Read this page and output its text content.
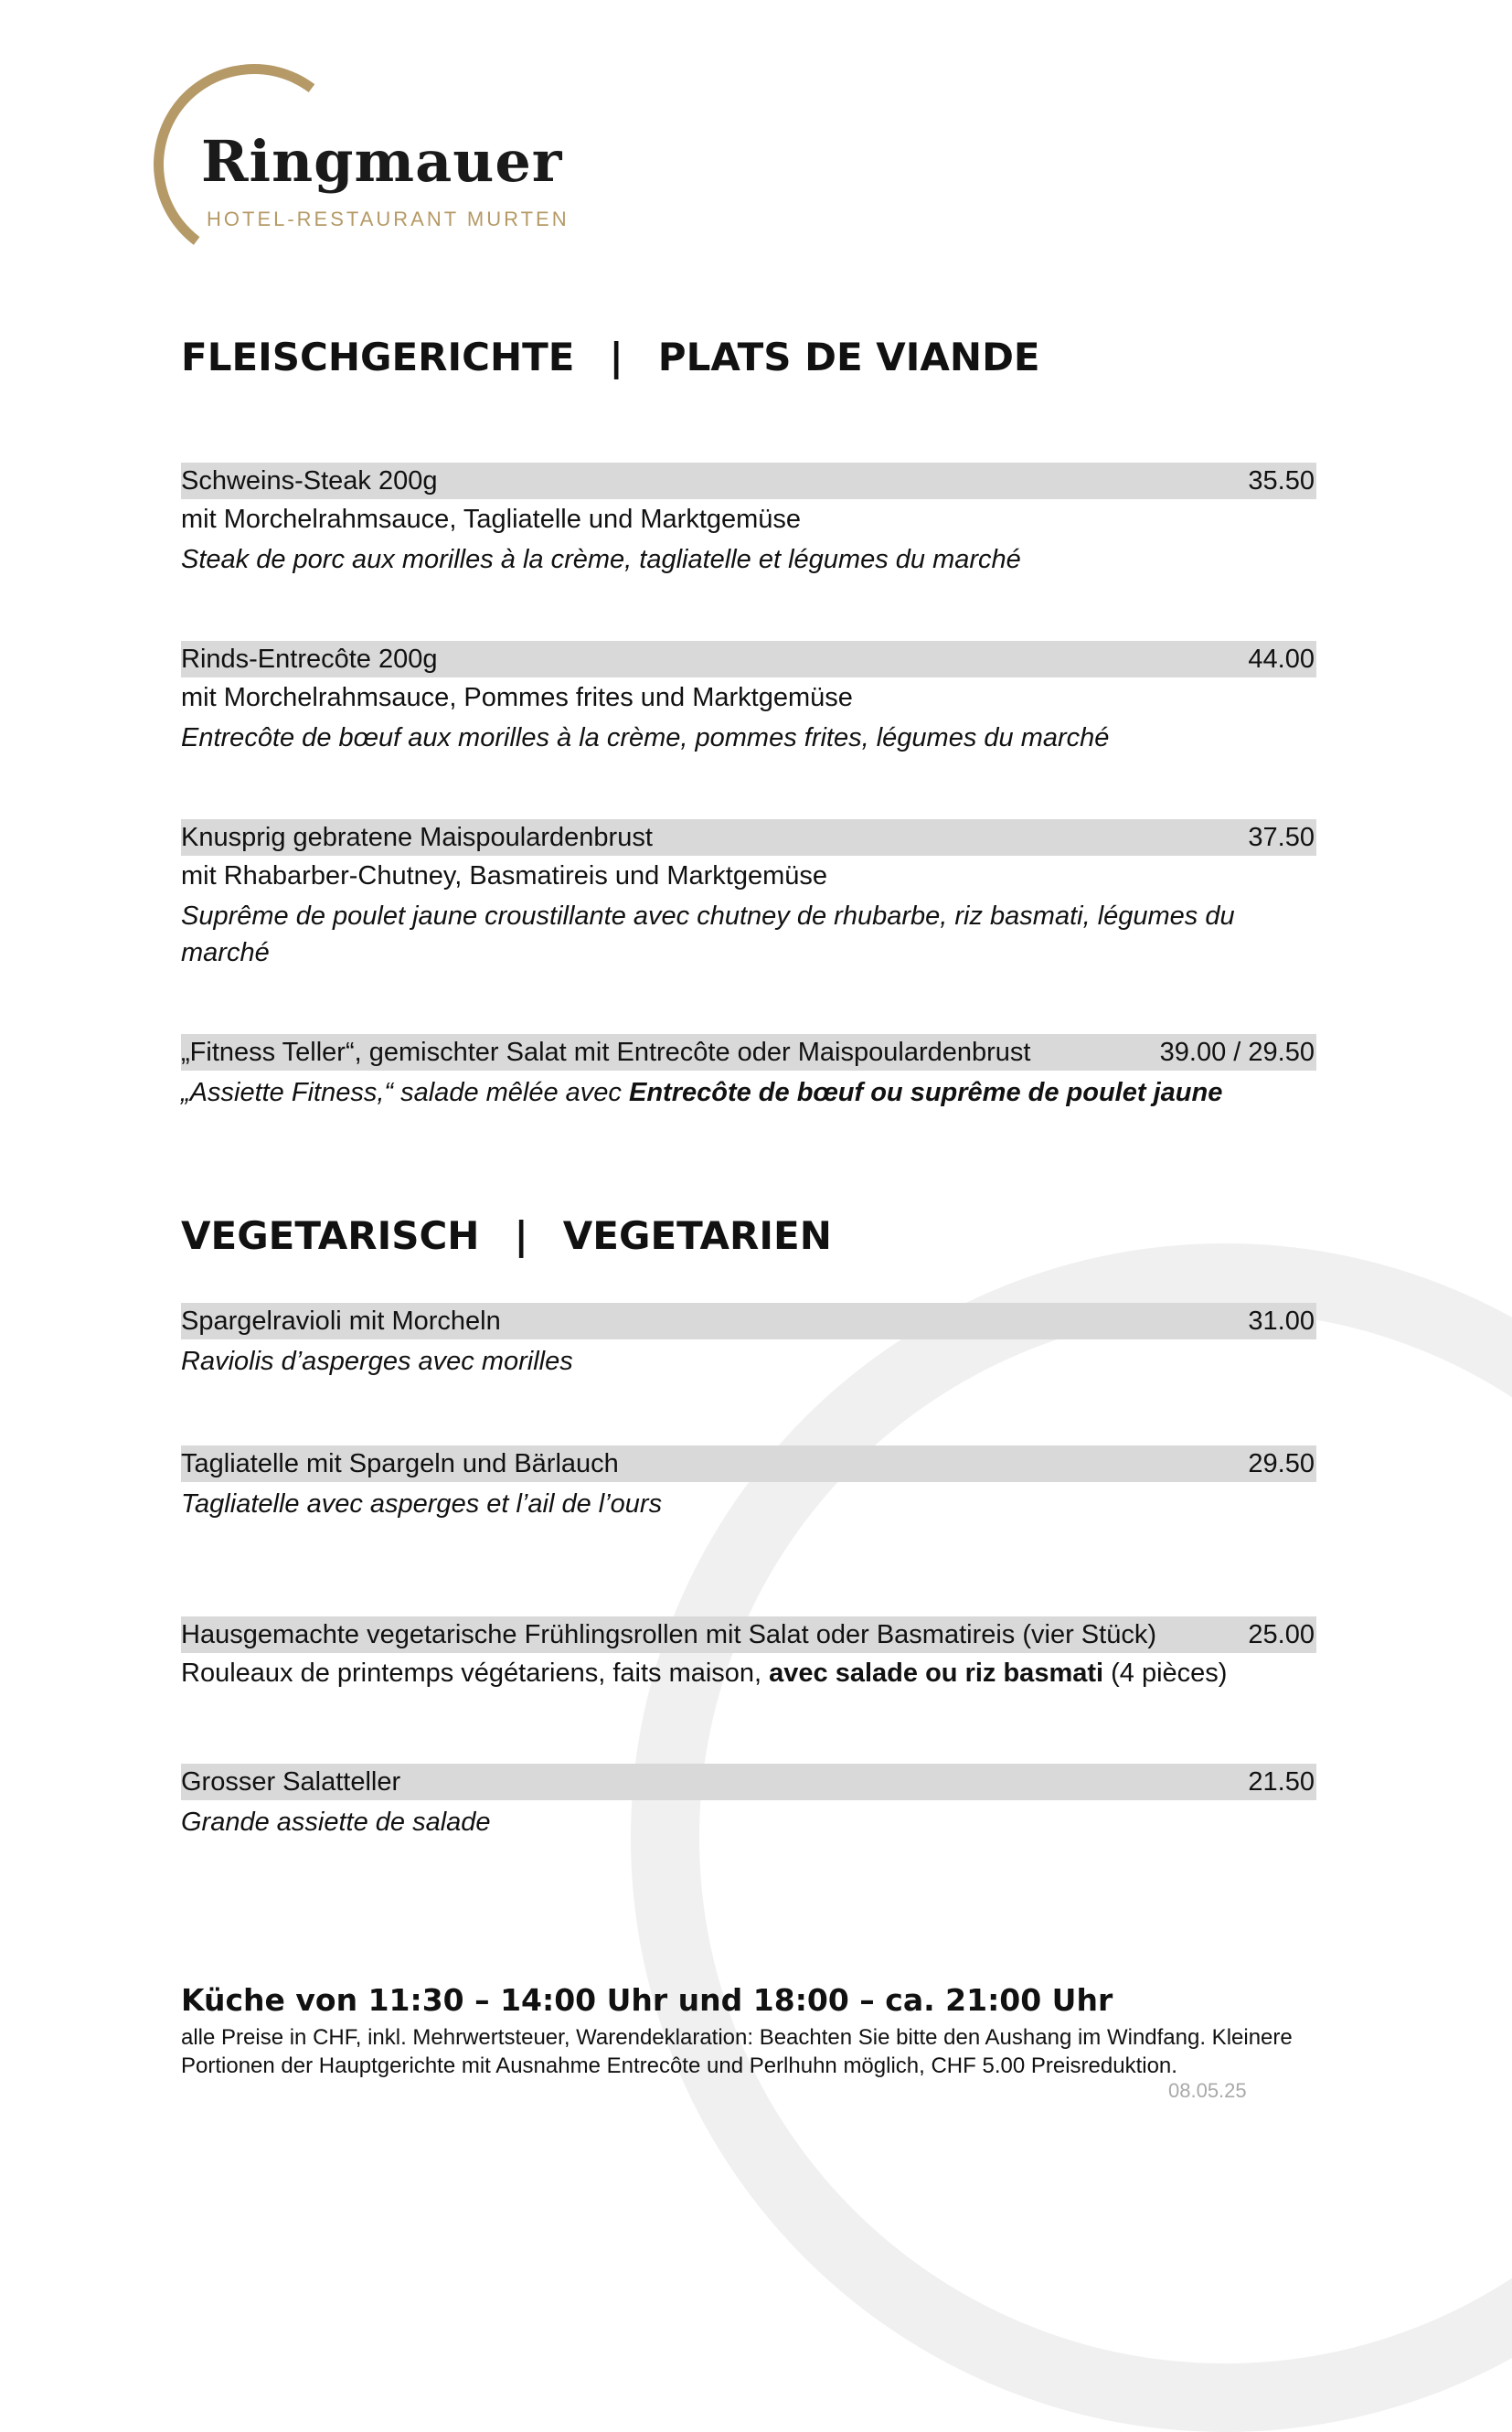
Ringmauer
HOTEL-RESTAURANT MURTEN
FLEISCHGERICHTE | PLATS DE VIANDE
Schweins-Steak 200g	35.50

mit Morchelrahmsauce, Tagliatelle und Marktgemüse

Steak de porc aux morilles à la crème, tagliatelle et légumes du marché

Rinds-Entrecôte 200g	44.00

mit Morchelrahmsauce, Pommes frites und Marktgemüse

Entrecôte de bœuf aux morilles à la crème, pommes frites, légumes du marché

Knusprig gebratene Maispoulardenbrust	37.50

mit Rhabarber-Chutney, Basmatireis und Marktgemüse

Suprême de poulet jaune croustillante avec chutney de rhubarbe, riz basmati, légumes du marché

„Fitness Teller“, gemischter Salat mit Entrecôte oder Maispoulardenbrust	39.00 / 29.50

„Assiette Fitness,“ salade mêlée avec Entrecôte de bœuf ou suprême de poulet jaune

VEGETARISCH | VEGETARIEN
Spargelravioli mit Morcheln	31.00

Raviolis d’asperges avec morilles

Tagliatelle mit Spargeln und Bärlauch	29.50

Tagliatelle avec asperges et l’ail de l’ours

Hausgemachte vegetarische Frühlingsrollen mit Salat oder Basmatireis (vier Stück)	25.00

Rouleaux de printemps végétariens, faits maison, avec salade ou riz basmati (4 pièces)

Grosser Salatteller	21.50

Grande assiette de salade

Küche von 11:30 – 14:00 Uhr und 18:00 – ca. 21:00 Uhr

alle Preise in CHF, inkl. Mehrwertsteuer, Warendeklaration: Beachten Sie bitte den Aushang im Windfang. Kleinere Portionen der Hauptgerichte mit Ausnahme Entrecôte und Perlhuhn möglich, CHF 5.00 Preisreduktion.

08.05.25
